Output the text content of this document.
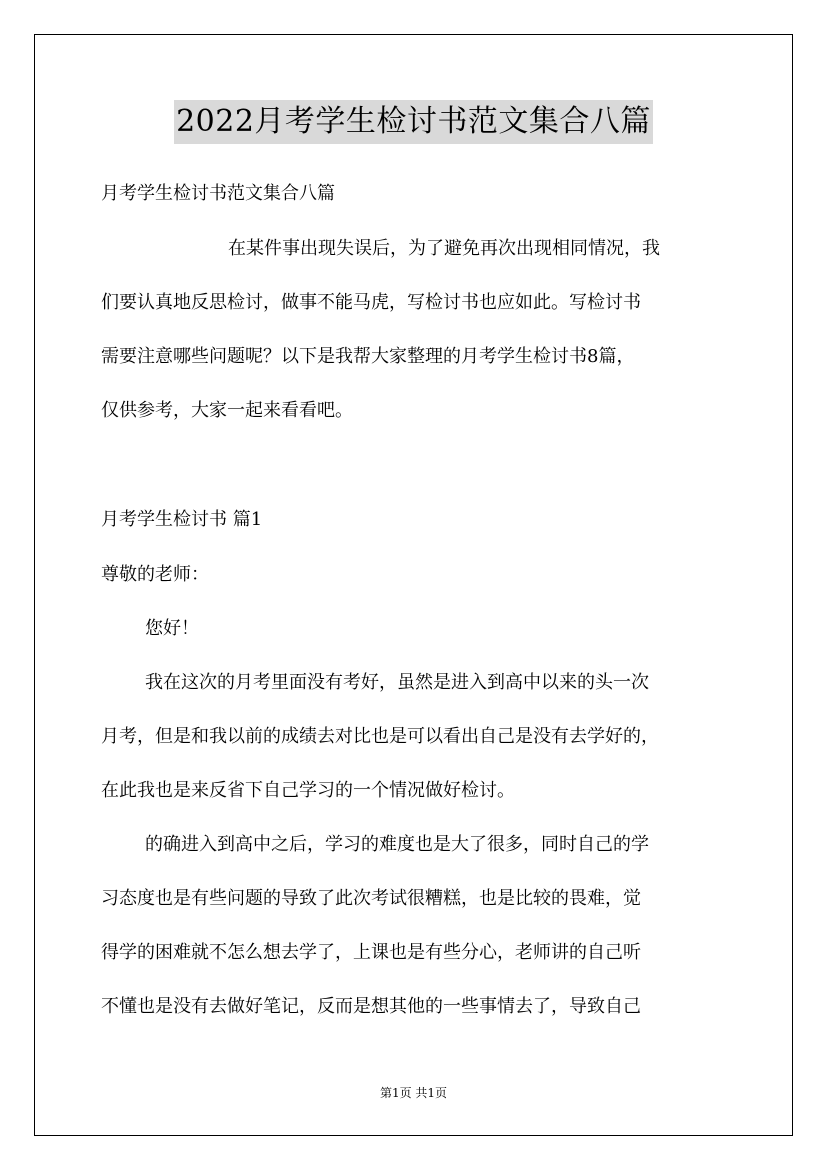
2022月考学生检讨书范文集合八篇
月考学生检讨书范文集合八篇
在某件事出现失误后，为了避免再次出现相同情况，我
们要认真地反思检讨，做事不能马虎，写检讨书也应如此。写检讨书
需要注意哪些问题呢？以下是我帮大家整理的月考学生检讨书8篇，
仅供参考，大家一起来看看吧。
月考学生检讨书 篇1
尊敬的老师：
您好！
我在这次的月考里面没有考好，虽然是进入到高中以来的头一次
月考，但是和我以前的成绩去对比也是可以看出自己是没有去学好的，
在此我也是来反省下自己学习的一个情况做好检讨。
的确进入到高中之后，学习的难度也是大了很多，同时自己的学
习态度也是有些问题的导致了此次考试很糟糕，也是比较的畏难，觉
得学的困难就不怎么想去学了，上课也是有些分心，老师讲的自己听
不懂也是没有去做好笔记，反而是想其他的一些事情去了，导致自己
第1页 共1页
